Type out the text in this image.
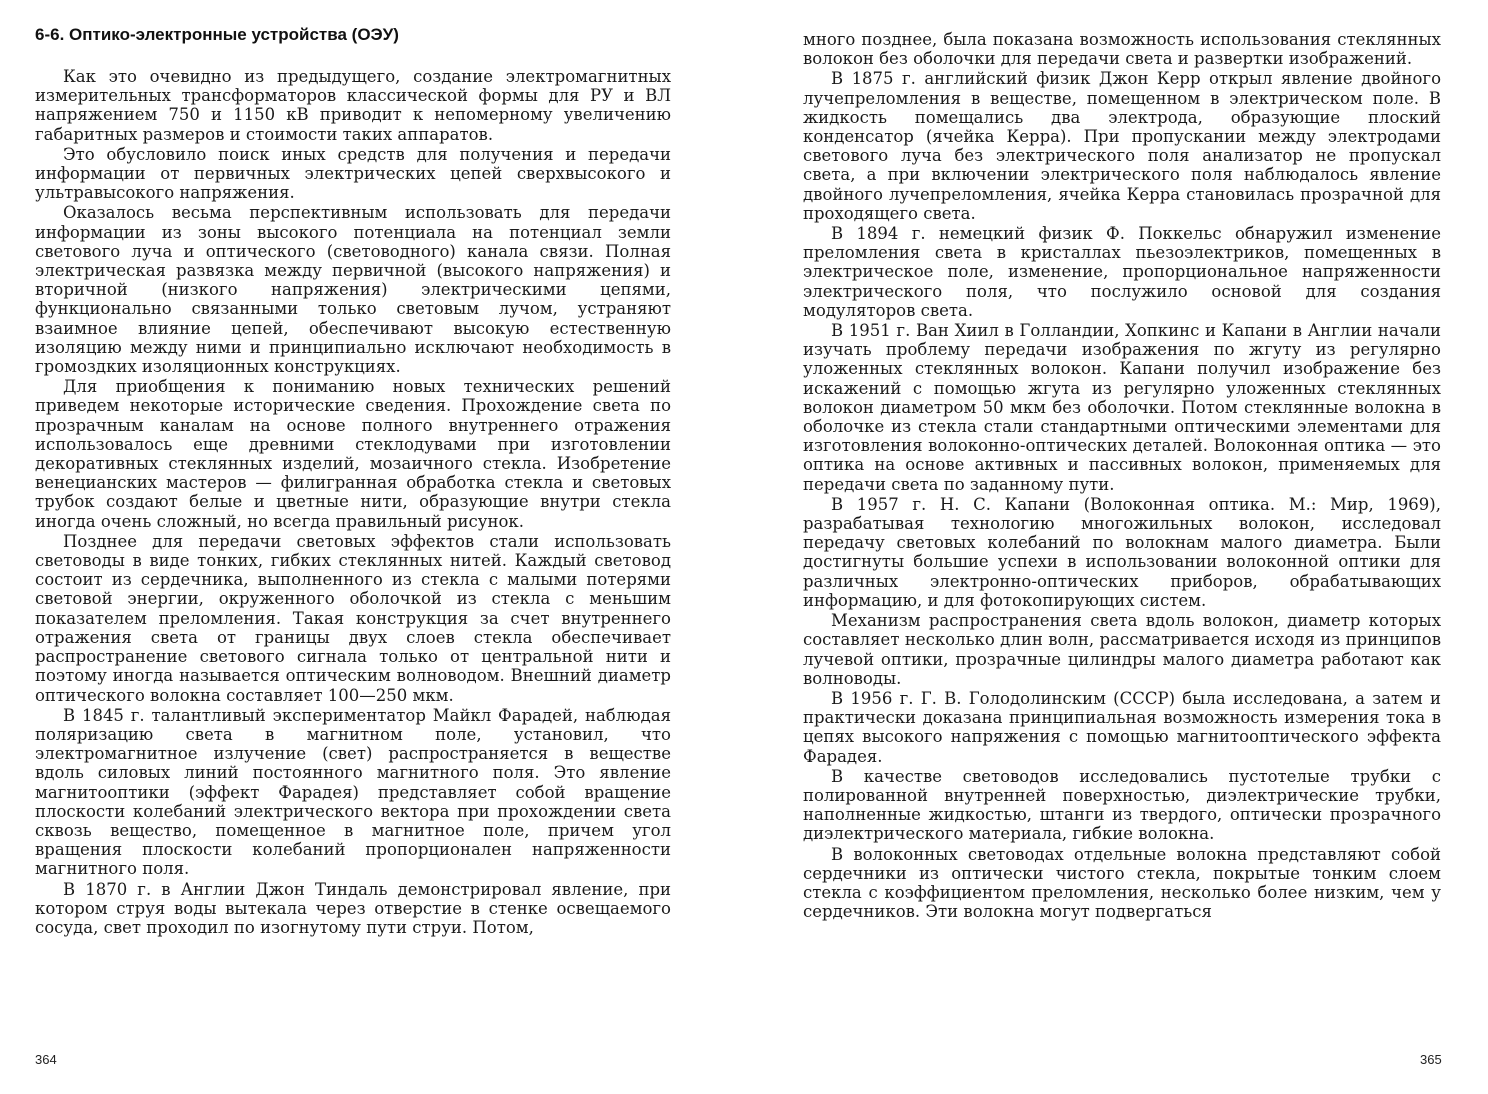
6-6. Оптико-электронные устройства (ОЭУ)

Как это очевидно из предыдущего, создание электромагнитных измерительных трансформаторов классической формы для РУ и ВЛ напряжением 750 и 1150 кВ приводит к непомерному увеличению габаритных размеров и стоимости таких аппаратов.

Это обусловило поиск иных средств для получения и передачи информации от первичных электрических цепей сверхвысокого и ультравысокого напряжения.

Оказалось весьма перспективным использовать для передачи информации из зоны высокого потенциала на потенциал земли светового луча и оптического (световодного) канала связи. Полная электрическая развязка между первичной (высокого напряжения) и вторичной (низкого напряжения) электрическими цепями, функционально связанными только световым лучом, устраняют взаимное влияние цепей, обеспечивают высокую естественную изоляцию между ними и принципиально исключают необходимость в громоздких изоляционных конструкциях.

Для приобщения к пониманию новых технических решений приведем некоторые исторические сведения. Прохождение света по прозрачным каналам на основе полного внутреннего отражения использовалось еще древними стеклодувами при изготовлении декоративных стеклянных изделий, мозаичного стекла. Изобретение венецианских мастеров — филигранная обработка стекла и световых трубок создают белые и цветные нити, образующие внутри стекла иногда очень сложный, но всегда правильный рисунок.

Позднее для передачи световых эффектов стали использовать световоды в виде тонких, гибких стеклянных нитей. Каждый световод состоит из сердечника, выполненного из стекла с малыми потерями световой энергии, окруженного оболочкой из стекла с меньшим показателем преломления. Такая конструкция за счет внутреннего отражения света от границы двух слоев стекла обеспечивает распространение светового сигнала только от центральной нити и поэтому иногда называется оптическим волноводом. Внешний диаметр оптического волокна составляет 100—250 мкм.

В 1845 г. талантливый экспериментатор Майкл Фарадей, наблюдая поляризацию света в магнитном поле, установил, что электромагнитное излучение (свет) распространяется в веществе вдоль силовых линий постоянного магнитного поля. Это явление магнитооптики (эффект Фарадея) представляет собой вращение плоскости колебаний электрического вектора при прохождении света сквозь вещество, помещенное в магнитное поле, причем угол вращения плоскости колебаний пропорционален напряженности магнитного поля.

В 1870 г. в Англии Джон Тиндаль демонстрировал явление, при котором струя воды вытекала через отверстие в стенке освещаемого сосуда, свет проходил по изогнутому пути струи. Потом,

364

много позднее, была показана возможность использования стеклянных волокон без оболочки для передачи света и развертки изображений.

В 1875 г. английский физик Джон Керр открыл явление двойного лучепреломления в веществе, помещенном в электрическом поле. В жидкость помещались два электрода, образующие плоский конденсатор (ячейка Керра). При пропускании между электродами светового луча без электрического поля анализатор не пропускал света, а при включении электрического поля наблюдалось явление двойного лучепреломления, ячейка Керра становилась прозрачной для проходящего света.

В 1894 г. немецкий физик Ф. Поккельс обнаружил изменение преломления света в кристаллах пьезоэлектриков, помещенных в электрическое поле, изменение, пропорциональное напряженности электрического поля, что послужило основой для создания модуляторов света.

В 1951 г. Ван Хиил в Голландии, Хопкинс и Капани в Англии начали изучать проблему передачи изображения по жгуту из регулярно уложенных стеклянных волокон. Капани получил изображение без искажений с помощью жгута из регулярно уложенных стеклянных волокон диаметром 50 мкм без оболочки. Потом стеклянные волокна в оболочке из стекла стали стандартными оптическими элементами для изготовления волоконно-оптических деталей. Волоконная оптика — это оптика на основе активных и пассивных волокон, применяемых для передачи света по заданному пути.

В 1957 г. Н. С. Капани (Волоконная оптика. М.: Мир, 1969), разрабатывая технологию многожильных волокон, исследовал передачу световых колебаний по волокнам малого диаметра. Были достигнуты большие успехи в использовании волоконной оптики для различных электронно-оптических приборов, обрабатывающих информацию, и для фотокопирующих систем.

Механизм распространения света вдоль волокон, диаметр которых составляет несколько длин волн, рассматривается исходя из принципов лучевой оптики, прозрачные цилиндры малого диаметра работают как волноводы.

В 1956 г. Г. В. Голодолинским (СССР) была исследована, а затем и практически доказана принципиальная возможность измерения тока в цепях высокого напряжения с помощью магнитооптического эффекта Фарадея.

В качестве световодов исследовались пустотелые трубки с полированной внутренней поверхностью, диэлектрические трубки, наполненные жидкостью, штанги из твердого, оптически прозрачного диэлектрического материала, гибкие волокна.

В волоконных световодах отдельные волокна представляют собой сердечники из оптически чистого стекла, покрытые тонким слоем стекла с коэффициентом преломления, несколько более низким, чем у сердечников. Эти волокна могут подвергаться

365
